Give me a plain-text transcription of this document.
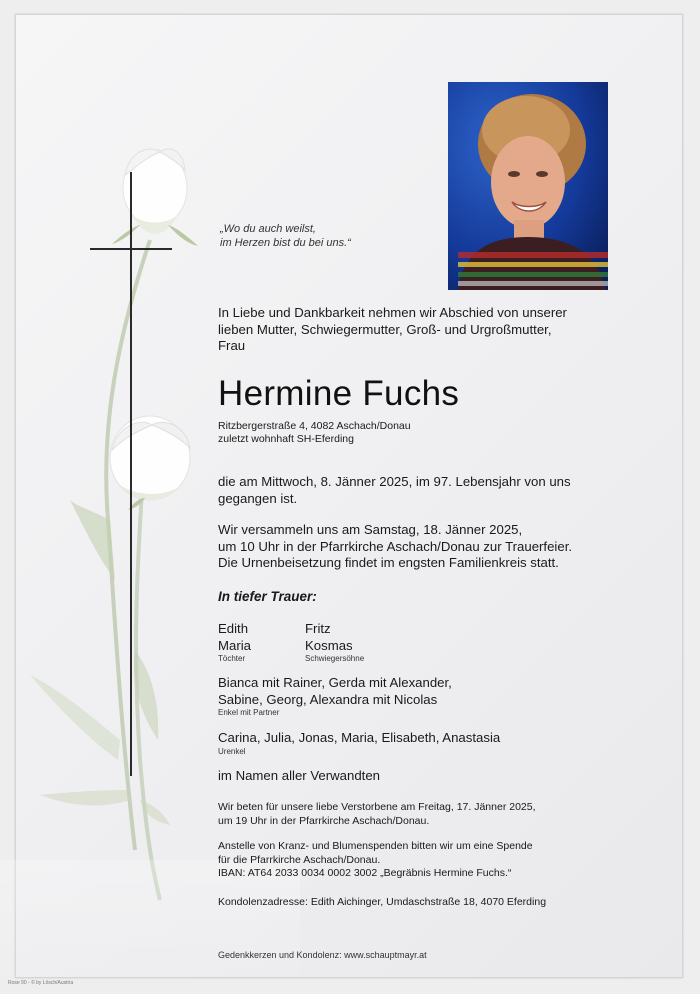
„Wo du auch weilst,
im Herzen bist du bei uns.“
In Liebe und Dankbarkeit nehmen wir Abschied von unserer
lieben Mutter, Schwiegermutter, Groß- und Urgroßmutter,
Frau
Hermine Fuchs
Ritzbergerstraße 4, 4082 Aschach/Donau
zuletzt wohnhaft SH-Eferding
die am Mittwoch, 8. Jänner 2025, im 97. Lebensjahr von uns
gegangen ist.
Wir versammeln uns am Samstag, 18. Jänner 2025,
um 10 Uhr in der Pfarrkirche Aschach/Donau zur Trauerfeier.
Die Urnenbeisetzung findet im engsten Familienkreis statt.
In tiefer Trauer:
Edith
Maria
Töchter
Fritz
Kosmas
Schwiegersöhne
Bianca mit Rainer, Gerda mit Alexander,
Sabine, Georg, Alexandra mit Nicolas
Enkel mit Partner
Carina, Julia, Jonas, Maria, Elisabeth, Anastasia
Urenkel
im Namen aller Verwandten
Wir beten für unsere liebe Verstorbene am Freitag, 17. Jänner 2025,
um 19 Uhr in der Pfarrkirche Aschach/Donau.
Anstelle von Kranz- und Blumenspenden bitten wir um eine Spende
für die Pfarrkirche Aschach/Donau.
IBAN: AT64 2033 0034 0002 3002 „Begräbnis Hermine Fuchs.“
Kondolenzadresse: Edith Aichinger, Umdaschstraße 18, 4070 Eferding
Gedenkkerzen und Kondolenz: www.schauptmayr.at
Rose 90 - © by Lösch/Austria
